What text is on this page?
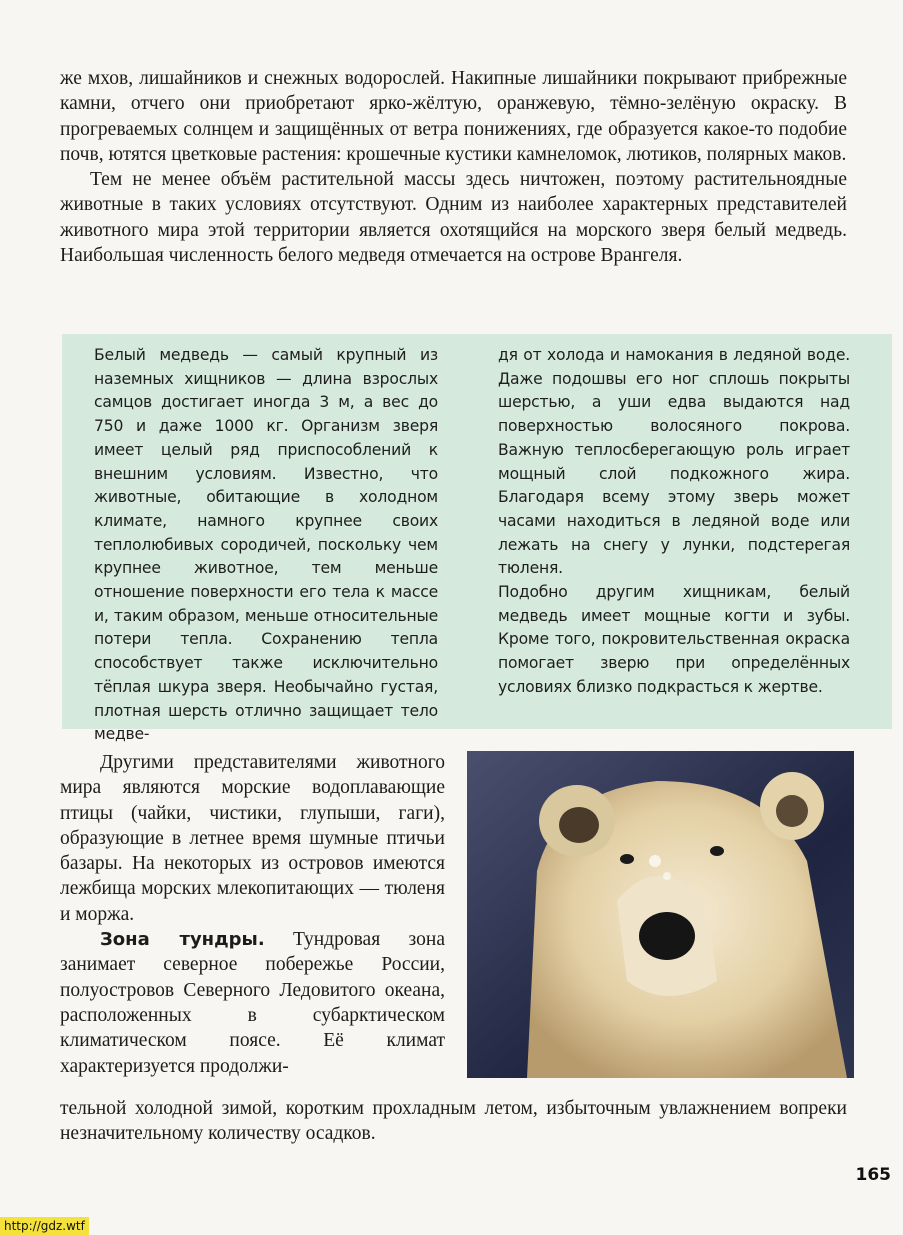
же мхов, лишайников и снежных водорослей. Накипные лишайники покрывают прибрежные камни, отчего они приобретают ярко-жёлтую, оранжевую, тёмно-зелёную окраску. В прогреваемых солнцем и защищённых от ветра понижениях, где образуется какое-то подобие почв, ютятся цветковые растения: крошечные кустики камнеломок, лютиков, полярных маков.

Тем не менее объём растительной массы здесь ничтожен, поэтому растительноядные животные в таких условиях отсутствуют. Одним из наиболее характерных представителей животного мира этой территории является охотящийся на морского зверя белый медведь. Наибольшая численность белого медведя отмечается на острове Врангеля.

Белый медведь — самый крупный из наземных хищников — длина взрослых самцов достигает иногда 3 м, а вес до 750 и даже 1000 кг. Организм зверя имеет целый ряд приспособлений к внешним условиям. Известно, что животные, обитающие в холодном климате, намного крупнее своих теплолюбивых сородичей, поскольку чем крупнее животное, тем меньше отношение поверхности его тела к массе и, таким образом, меньше относительные потери тепла. Сохранению тепла способствует также исключительно тёплая шкура зверя. Необычайно густая, плотная шерсть отлично защищает тело медве-

дя от холода и намокания в ледяной воде. Даже подошвы его ног сплошь покрыты шерстью, а уши едва выдаются над поверхностью волосяного покрова. Важную теплосберегающую роль играет мощный слой подкожного жира. Благодаря всему этому зверь может часами находиться в ледяной воде или лежать на снегу у лунки, подстерегая тюленя.

Подобно другим хищникам, белый медведь имеет мощные когти и зубы. Кроме того, покровительственная окраска помогает зверю при определённых условиях близко подкрасться к жертве.

Другими представителями животного мира являются морские водоплавающие птицы (чайки, чистики, глупыши, гаги), образующие в летнее время шумные птичьи базары. На некоторых из островов имеются лежбища морских млекопитающих — тюленя и моржа.

Зона тундры. Тундровая зона занимает северное побережье России, полуостровов Северного Ледовитого океана, расположенных в субарктическом климатическом поясе. Её климат характеризуется продолжи-

тельной холодной зимой, коротким прохладным летом, избыточным увлажнением вопреки незначительному количеству осадков.

165
http://gdz.wtf
